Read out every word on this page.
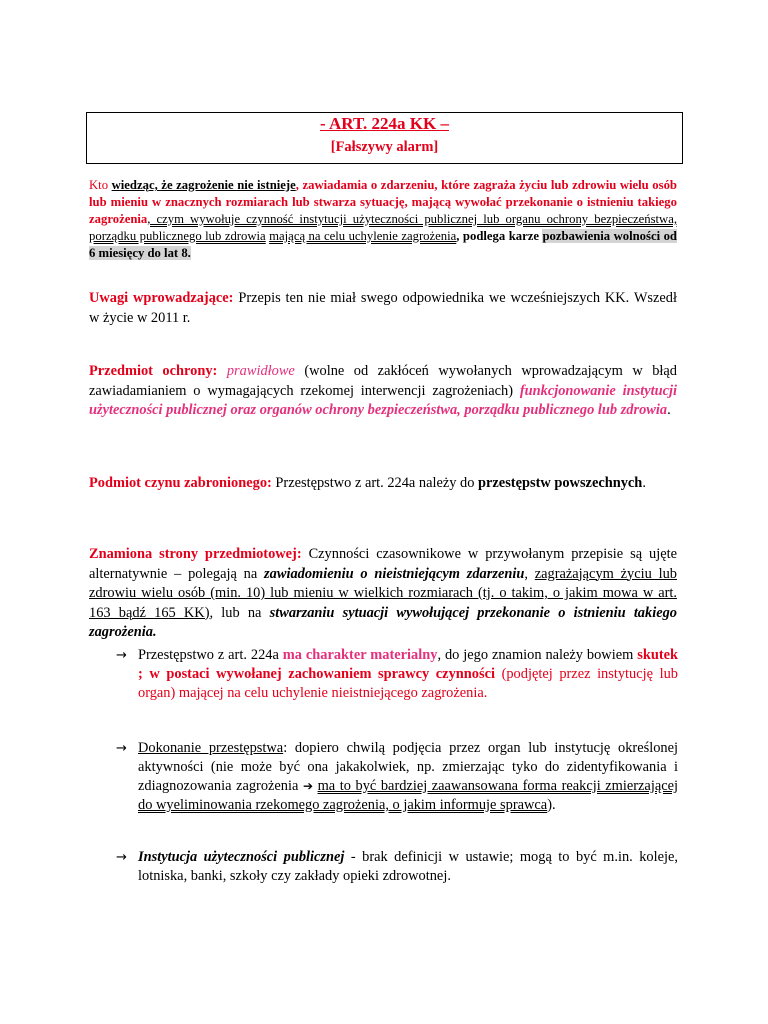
- ART. 224a KK –
[Fałszywy alarm]
Kto wiedząc, że zagrożenie nie istnieje, zawiadamia o zdarzeniu, które zagraża życiu lub zdrowiu wielu osób lub mieniu w znacznych rozmiarach lub stwarza sytuację, mającą wywołać przekonanie o istnieniu takiego zagrożenia, czym wywołuje czynność instytucji użyteczności publicznej lub organu ochrony bezpieczeństwa, porządku publicznego lub zdrowia mającą na celu uchylenie zagrożenia, podlega karze pozbawienia wolności od 6 miesięcy do lat 8.
Uwagi wprowadzające: Przepis ten nie miał swego odpowiednika we wcześniejszych KK. Wszedł w życie w 2011 r.
Przedmiot ochrony: prawidłowe (wolne od zakłóceń wywołanych wprowadzającym w błąd zawiadamianiem o wymagających rzekomej interwencji zagrożeniach) funkcjonowanie instytucji użyteczności publicznej oraz organów ochrony bezpieczeństwa, porządku publicznego lub zdrowia.
Podmiot czynu zabronionego: Przestępstwo z art. 224a należy do przestępstw powszechnych.
Znamiona strony przedmiotowej: Czynności czasownikowe w przywołanym przepisie są ujęte alternatywnie – polegają na zawiadomieniu o nieistniejącym zdarzeniu, zagrażającym życiu lub zdrowiu wielu osób (min. 10) lub mieniu w wielkich rozmiarach (tj. o takim, o jakim mowa w art. 163 bądź 165 KK), lub na stwarzaniu sytuacji wywołującej przekonanie o istnieniu takiego zagrożenia.
→ Przestępstwo z art. 224a ma charakter materialny, do jego znamion należy bowiem skutek ; w postaci wywołanej zachowaniem sprawcy czynności (podjętej przez instytucję lub organ) mającej na celu uchylenie nieistniejącego zagrożenia.
→ Dokonanie przestępstwa: dopiero chwilą podjęcia przez organ lub instytucję określonej aktywności (nie może być ona jakakolwiek, np. zmierzając tyko do zidentyfikowania i zdiagnozowania zagrożenia ➔ ma to być bardziej zaawansowana forma reakcji zmierzającej do wyeliminowania rzekomego zagrożenia, o jakim informuje sprawca).
→ Instytucja użyteczności publicznej - brak definicji w ustawie; mogą to być m.in. koleje, lotniska, banki, szkoły czy zakłady opieki zdrowotnej.
